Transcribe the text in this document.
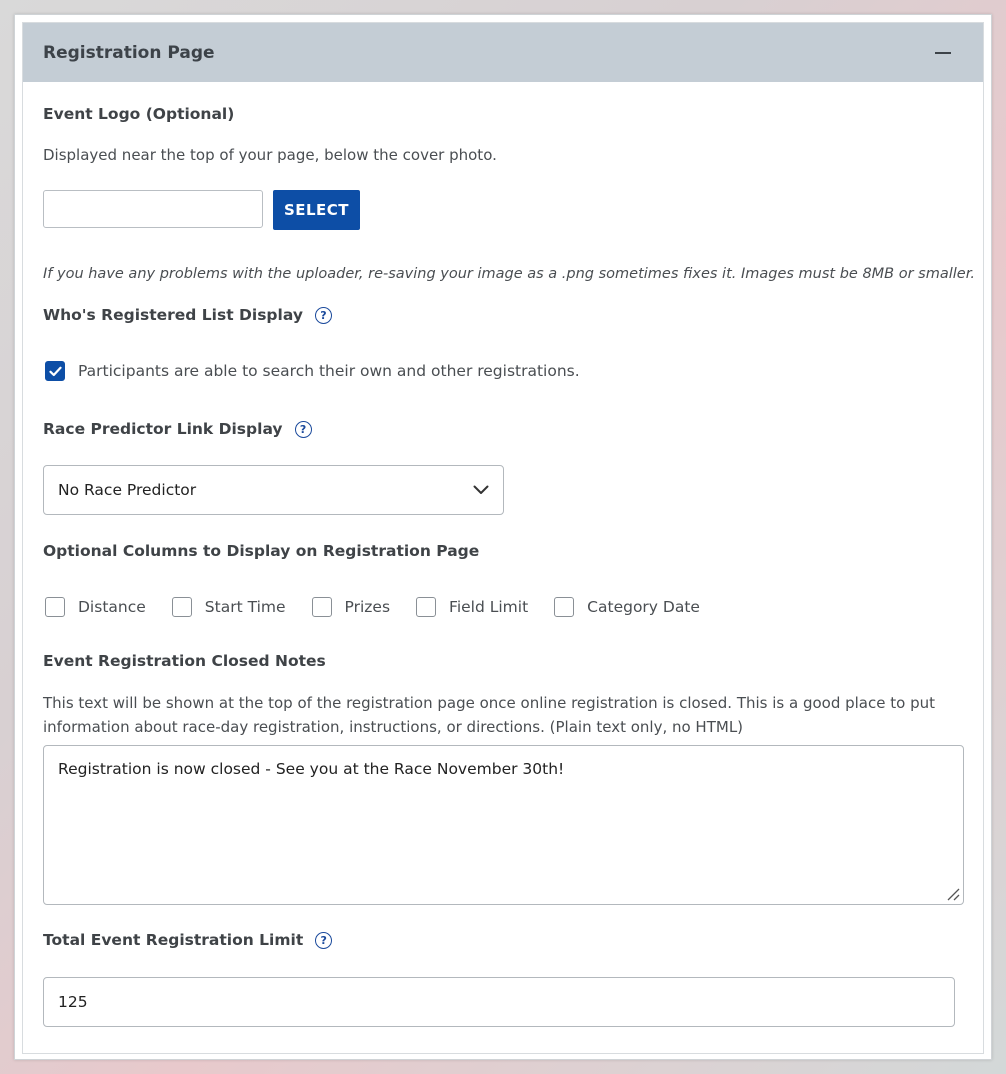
Registration Page
Event Logo (Optional)
Displayed near the top of your page, below the cover photo.
SELECT
If you have any problems with the uploader, re-saving your image as a .png sometimes fixes it. Images must be 8MB or smaller.
Who's Registered List Display	?
Participants are able to search their own and other registrations.
Race Predictor Link Display	?
No Race Predictor
Optional Columns to Display on Registration Page
Distance	Start Time	Prizes	Field Limit	Category Date
Event Registration Closed Notes
This text will be shown at the top of the registration page once online registration is closed. This is a good place to put information about race-day registration, instructions, or directions. (Plain text only, no HTML)
Registration is now closed - See you at the Race November 30th!
Total Event Registration Limit	?
125
